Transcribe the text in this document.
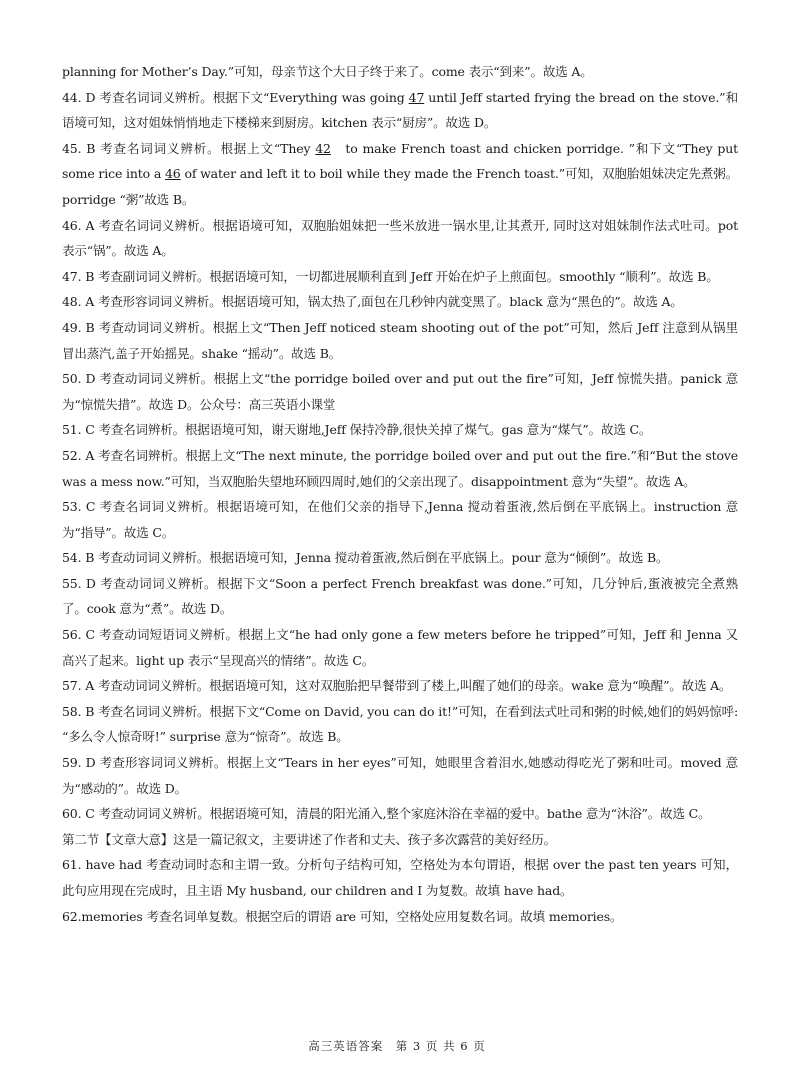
planning for Mother’s Day.”可知，母亲节这个大日子终于来了。come 表示“到来”。故选 A。

44. D 考查名词词义辨析。根据下文“Everything was going 47 until Jeff started frying the bread on the stove.”和语境可知，这对姐妹悄悄地走下楼梯来到厨房。kitchen 表示“厨房”。故选 D。

45. B 考查名词词义辨析。根据上文“They 42   to make French toast and chicken porridge. ”和下文“They put some rice into a 46 of water and left it to boil while they made the French toast.”可知，双胞胎姐妹决定先煮粥。porridge “粥”故选 B。

46. A 考查名词词义辨析。根据语境可知，双胞胎姐妹把一些米放进一锅水里,让其煮开, 同时这对姐妹制作法式吐司。pot 表示“锅”。故选 A。

47. B 考查副词词义辨析。根据语境可知，一切都进展顺利直到 Jeff 开始在炉子上煎面包。smoothly “顺利”。故选 B。

48. A 考查形容词词义辨析。根据语境可知，锅太热了,面包在几秒钟内就变黑了。black 意为“黑色的”。故选 A。

49. B 考查动词词义辨析。根据上文“Then Jeff noticed steam shooting out of the pot”可知，然后 Jeff 注意到从锅里冒出蒸汽,盖子开始摇晃。shake “摇动”。故选 B。

50. D 考查动词词义辨析。根据上文“the porridge boiled over and put out the fire”可知，Jeff 惊慌失措。panick 意为“惊慌失措”。故选 D。公众号：高三英语小课堂

51. C 考查名词辨析。根据语境可知，谢天谢地,Jeff 保持冷静,很快关掉了煤气。gas 意为“煤气”。故选 C。

52. A 考查名词辨析。根据上文“The next minute, the porridge boiled over and put out the fire.”和“But the stove was a mess now.”可知，当双胞胎失望地环顾四周时,她们的父亲出现了。disappointment 意为“失望”。故选 A。

53. C 考查名词词义辨析。根据语境可知，在他们父亲的指导下,Jenna 搅动着蛋液,然后倒在平底锅上。instruction 意为“指导”。故选 C。

54. B 考查动词词义辨析。根据语境可知，Jenna 搅动着蛋液,然后倒在平底锅上。pour 意为“倾倒”。故选 B。

55. D 考查动词词义辨析。根据下文“Soon a perfect French breakfast was done.”可知，几分钟后,蛋液被完全煮熟了。cook 意为“煮”。故选 D。

56. C 考查动词短语词义辨析。根据上文“he had only gone a few meters before he tripped”可知，Jeff 和 Jenna 又高兴了起来。light up 表示“呈现高兴的情绪”。故选 C。

57. A 考查动词词义辨析。根据语境可知，这对双胞胎把早餐带到了楼上,叫醒了她们的母亲。wake 意为“唤醒”。故选 A。

58. B 考查名词词义辨析。根据下文“Come on David, you can do it!”可知，在看到法式吐司和粥的时候,她们的妈妈惊呼: “多么令人惊奇呀!” surprise 意为“惊奇”。故选 B。

59. D 考查形容词词义辨析。根据上文“Tears in her eyes”可知，她眼里含着泪水,她感动得吃光了粥和吐司。moved 意为“感动的”。故选 D。

60. C 考查动词词义辨析。根据语境可知，清晨的阳光涌入,整个家庭沐浴在幸福的爱中。bathe 意为“沐浴”。故选 C。

第二节【文章大意】这是一篇记叙文，主要讲述了作者和丈夫、孩子多次露营的美好经历。

61. have had 考查动词时态和主谓一致。分析句子结构可知，空格处为本句谓语，根据 over the past ten years 可知，此句应用现在完成时，且主语 My husband, our children and I 为复数。故填 have had。

62.memories 考查名词单复数。根据空后的谓语 are 可知，空格处应用复数名词。故填 memories。

高三英语答案　第 3 页 共 6 页
